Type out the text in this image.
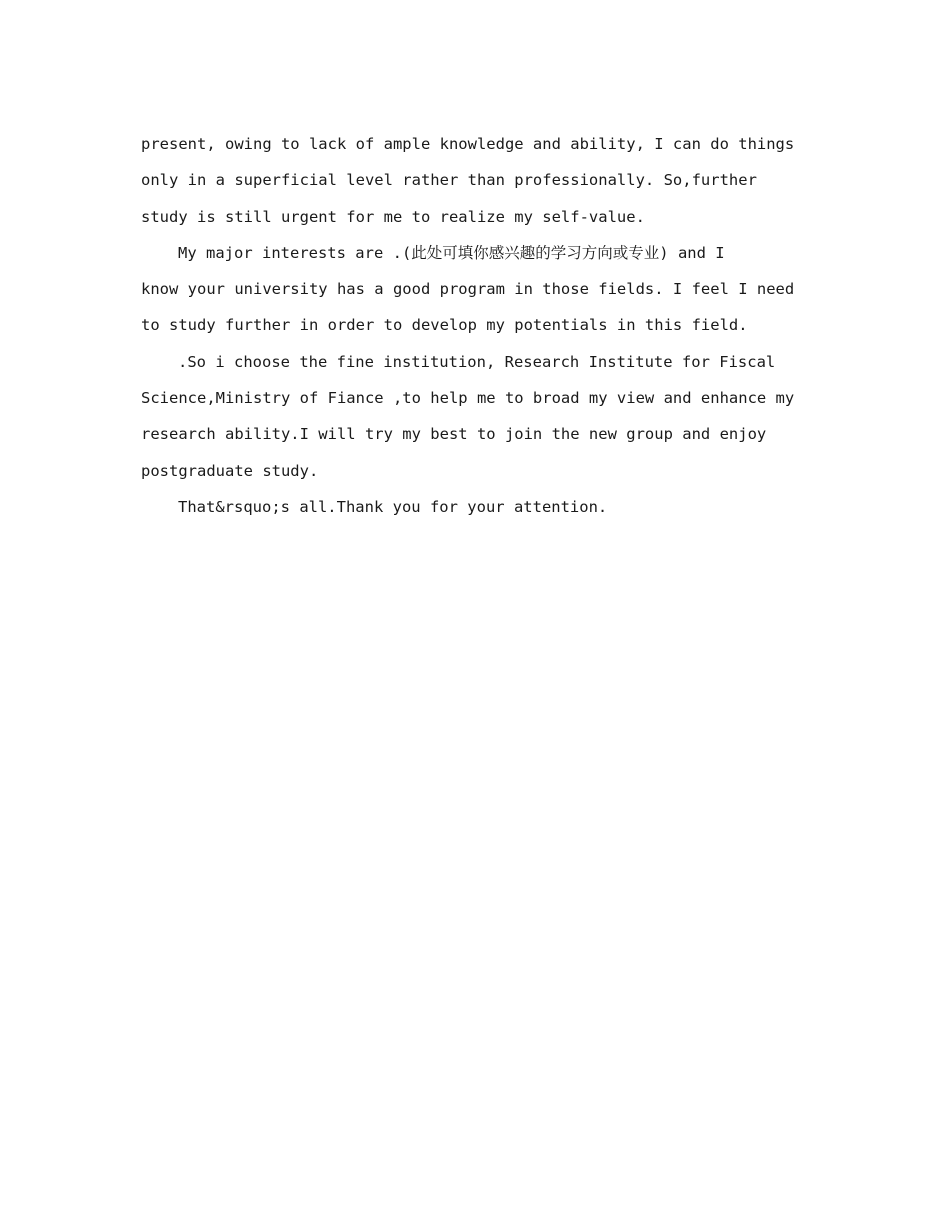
present, owing to lack of ample knowledge and ability, I can do things
only in a superficial level rather than professionally. So,further
study is still urgent for me to realize my self-value.
My major interests are .(此处可填你感兴趣的学习方向或专业) and I
know your university has a good program in those fields. I feel I need
to study further in order to develop my potentials in this field.
.So i choose the fine institution, Research Institute for Fiscal
Science,Ministry of Fiance ,to help me to broad my view and enhance my
research ability.I will try my best to join the new group and enjoy
postgraduate study.
That&rsquo;s all.Thank you for your attention.
